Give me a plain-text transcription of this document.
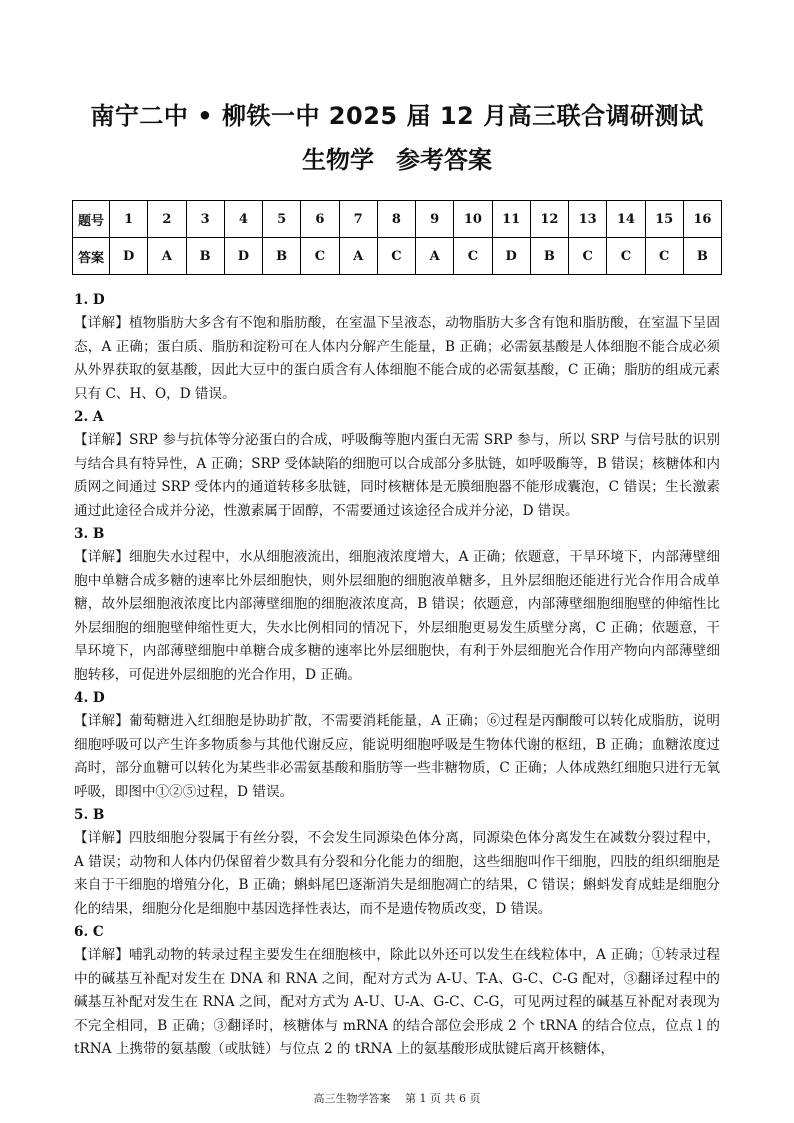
南宁二中 • 柳铁一中 2025 届 12 月高三联合调研测试
生物学 参考答案
题号	1	2	3	4	5	6	7	8	9	10	11	12	13	14	15	16
答案	D	A	B	D	B	C	A	C	A	C	D	B	C	C	C	B
1. D
【详解】植物脂肪大多含有不饱和脂肪酸，在室温下呈液态，动物脂肪大多含有饱和脂肪酸，在室温下呈固态，A 正确；蛋白质、脂肪和淀粉可在人体内分解产生能量，B 正确；必需氨基酸是人体细胞不能合成必须从外界获取的氨基酸，因此大豆中的蛋白质含有人体细胞不能合成的必需氨基酸，C 正确；脂肪的组成元素只有 C、H、O，D 错误。
2. A
【详解】SRP 参与抗体等分泌蛋白的合成，呼吸酶等胞内蛋白无需 SRP 参与，所以 SRP 与信号肽的识别与结合具有特异性，A 正确；SRP 受体缺陷的细胞可以合成部分多肽链，如呼吸酶等，B 错误；核糖体和内质网之间通过 SRP 受体内的通道转移多肽链，同时核糖体是无膜细胞器不能形成囊泡，C 错误；生长激素通过此途径合成并分泌，性激素属于固醇，不需要通过该途径合成并分泌，D 错误。
3. B
【详解】细胞失水过程中，水从细胞液流出，细胞液浓度增大，A 正确；依题意，干旱环境下，内部薄壁细胞中单糖合成多糖的速率比外层细胞快，则外层细胞的细胞液单糖多，且外层细胞还能进行光合作用合成单糖，故外层细胞液浓度比内部薄壁细胞的细胞液浓度高，B 错误；依题意，内部薄壁细胞细胞壁的伸缩性比外层细胞的细胞壁伸缩性更大，失水比例相同的情况下，外层细胞更易发生质壁分离，C 正确；依题意，干旱环境下，内部薄壁细胞中单糖合成多糖的速率比外层细胞快，有利于外层细胞光合作用产物向内部薄壁细胞转移，可促进外层细胞的光合作用，D 正确。
4. D
【详解】葡萄糖进入红细胞是协助扩散，不需要消耗能量，A 正确；⑥过程是丙酮酸可以转化成脂肪，说明细胞呼吸可以产生许多物质参与其他代谢反应，能说明细胞呼吸是生物体代谢的枢纽，B 正确；血糖浓度过高时，部分血糖可以转化为某些非必需氨基酸和脂肪等一些非糖物质，C 正确；人体成熟红细胞只进行无氧呼吸，即图中①②⑤过程，D 错误。
5. B
【详解】四肢细胞分裂属于有丝分裂，不会发生同源染色体分离，同源染色体分离发生在减数分裂过程中，A 错误；动物和人体内仍保留着少数具有分裂和分化能力的细胞，这些细胞叫作干细胞，四肢的组织细胞是来自于干细胞的增殖分化，B 正确；蝌蚪尾巴逐渐消失是细胞凋亡的结果，C 错误；蝌蚪发育成蛙是细胞分化的结果，细胞分化是细胞中基因选择性表达，而不是遗传物质改变，D 错误。
6. C
【详解】哺乳动物的转录过程主要发生在细胞核中，除此以外还可以发生在线粒体中，A 正确；①转录过程中的碱基互补配对发生在 DNA 和 RNA 之间，配对方式为 A-U、T-A、G-C、C-G 配对，③翻译过程中的碱基互补配对发生在 RNA 之间，配对方式为 A-U、U-A、G-C、C-G，可见两过程的碱基互补配对表现为不完全相同，B 正确；③翻译时，核糖体与 mRNA 的结合部位会形成 2 个 tRNA 的结合位点，位点 l 的 tRNA 上携带的氨基酸（或肽链）与位点 2 的 tRNA 上的氨基酸形成肽键后离开核糖体，
高三生物学答案　 第 1 页 共 6 页
